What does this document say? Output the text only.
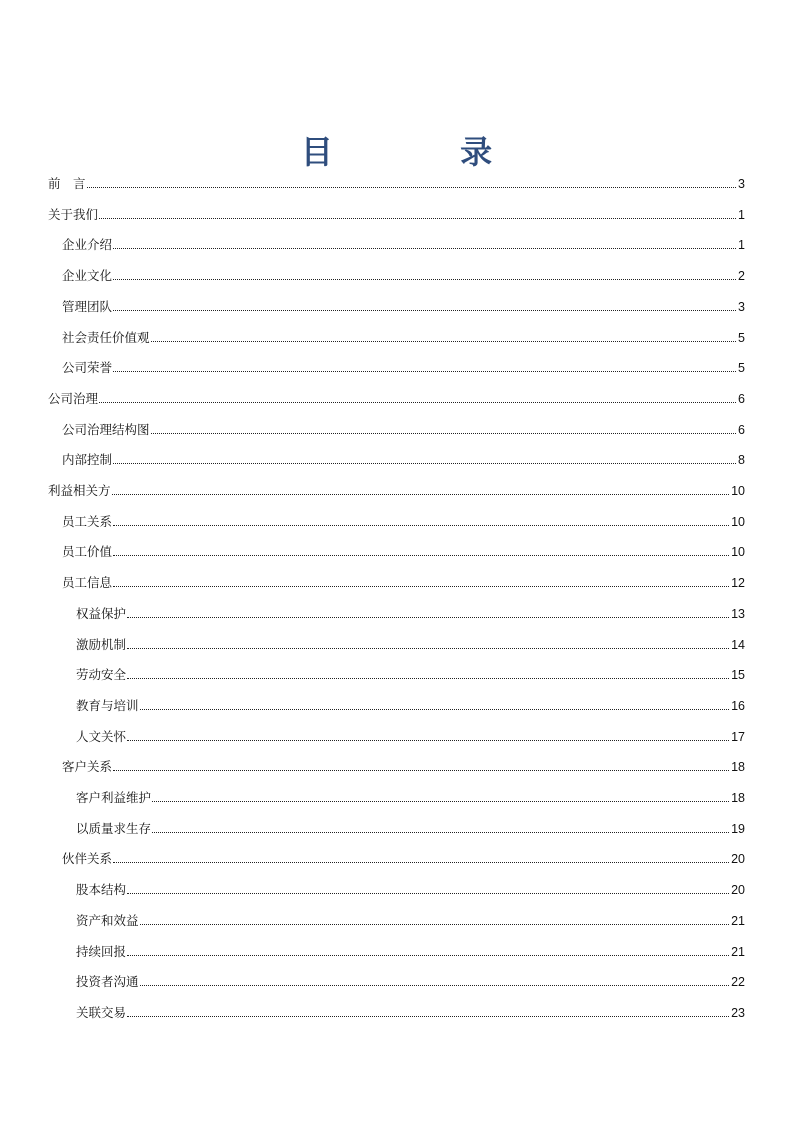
目 录
前　言	3
关于我们	1
企业介绍	1
企业文化	2
管理团队	3
社会责任价值观	5
公司荣誉	5
公司治理	6
公司治理结构图	6
内部控制	8
利益相关方	10
员工关系	10
员工价值	10
员工信息	12
权益保护	13
激励机制	14
劳动安全	15
教育与培训	16
人文关怀	17
客户关系	18
客户利益维护	18
以质量求生存	19
伙伴关系	20
股本结构	20
资产和效益	21
持续回报	21
投资者沟通	22
关联交易	23
